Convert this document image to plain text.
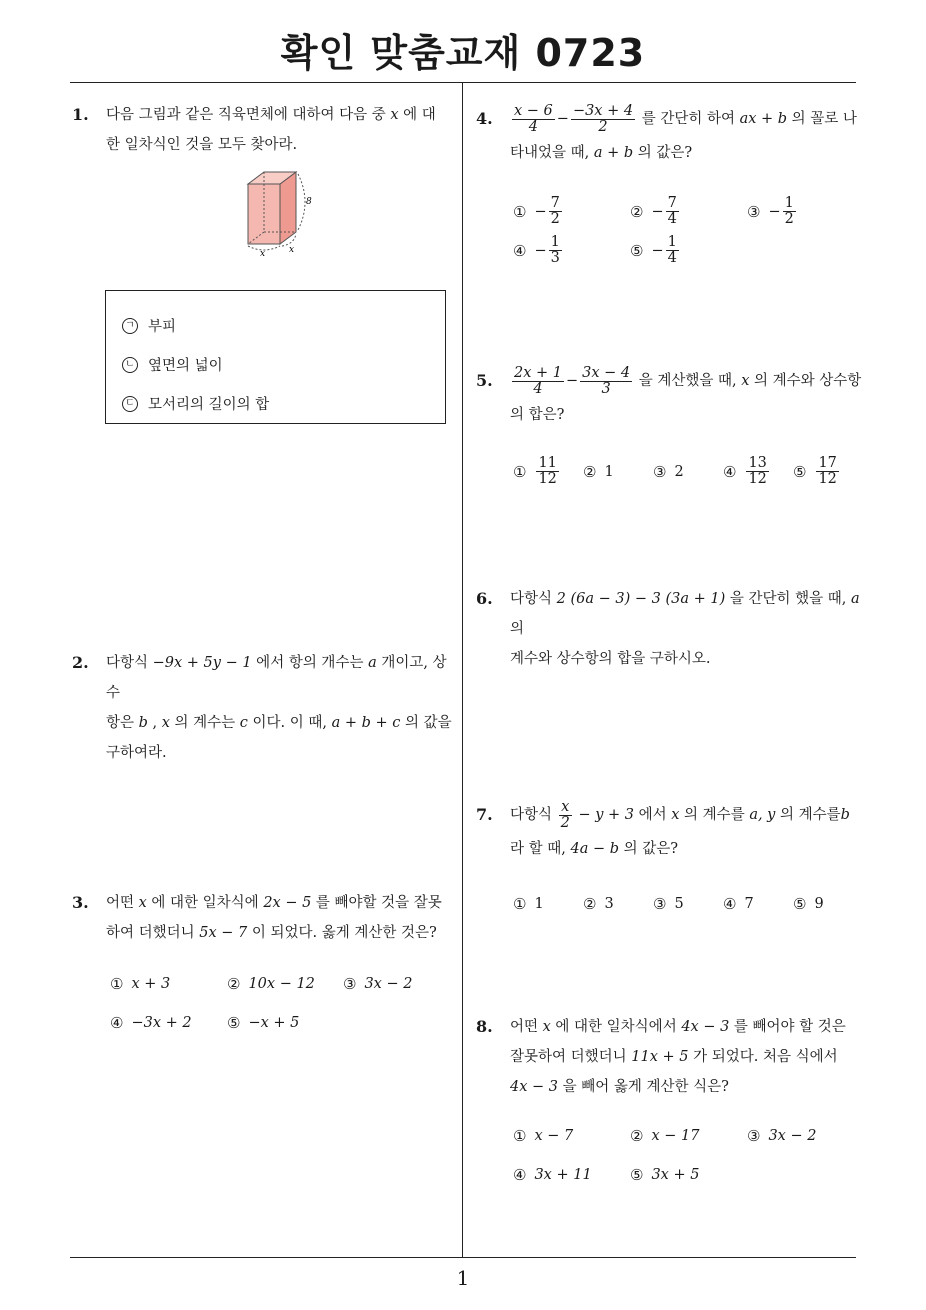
확인 맞춤교재 0723
1
1. 다음 그림과 같은 직육면체에 대하여 다음 중 x 에 대
한 일차식인 것을 모두 찾아라.
8
x	x
ㄱ 부피
ㄴ 옆면의 넓이
ㄷ 모서리의 길이의 합
2. 다항식 −9x + 5y − 1 에서 항의 개수는 a 개이고, 상수
항은 b , x 의 계수는 c 이다. 이 때, a + b + c 의 값을
구하여라.
3. 어떤 x 에 대한 일차식에 2x − 5 를 빼야할 것을 잘못
하여 더했더니 5x − 7 이 되었다. 옳게 계산한 것은?
① x + 3	② 10x − 12 ③ 3x − 2
④ −3x + 2 ⑤ −x + 5
4. $\frac{x - 6}{4} - \frac{-3x + 4}{2}$ 를 간단히 하여 ax + b 의 꼴로 나
타내었을 때, a + b 의 값은?
① − $\frac{7}{2}$	② − $\frac{7}{4}$	③ − $\frac{1}{2}$
④ − $\frac{1}{3}$	⑤ − $\frac{1}{4}$
5. $\frac{2x + 1}{4} - \frac{3x - 4}{3}$ 을 계산했을 때, x 의 계수와 상수항
의 합은?
① $\frac{11}{12}$ ② 1	③ 2	④ $\frac{13}{12}$ ⑤ $\frac{17}{12}$
6. 다항식 2 (6a − 3) − 3 (3a + 1) 을 간단히 했을 때, a 의
계수와 상수항의 합을 구하시오.
7. 다항식 $\frac{x}{2} - y + 3$ 에서 x 의 계수를 a, y 의 계수를b
라 할 때, 4a − b 의 값은?
① 1	② 3	③ 5	④ 7	⑤ 9
8. 어떤 x 에 대한 일차식에서 4x − 3 를 빼어야 할 것은
잘못하여 더했더니 11x + 5 가 되었다. 처음 식에서
4x − 3 을 빼어 옳게 계산한 식은?
① x − 7	② x − 17	③ 3x − 2
④ 3x + 11	⑤ 3x + 5
